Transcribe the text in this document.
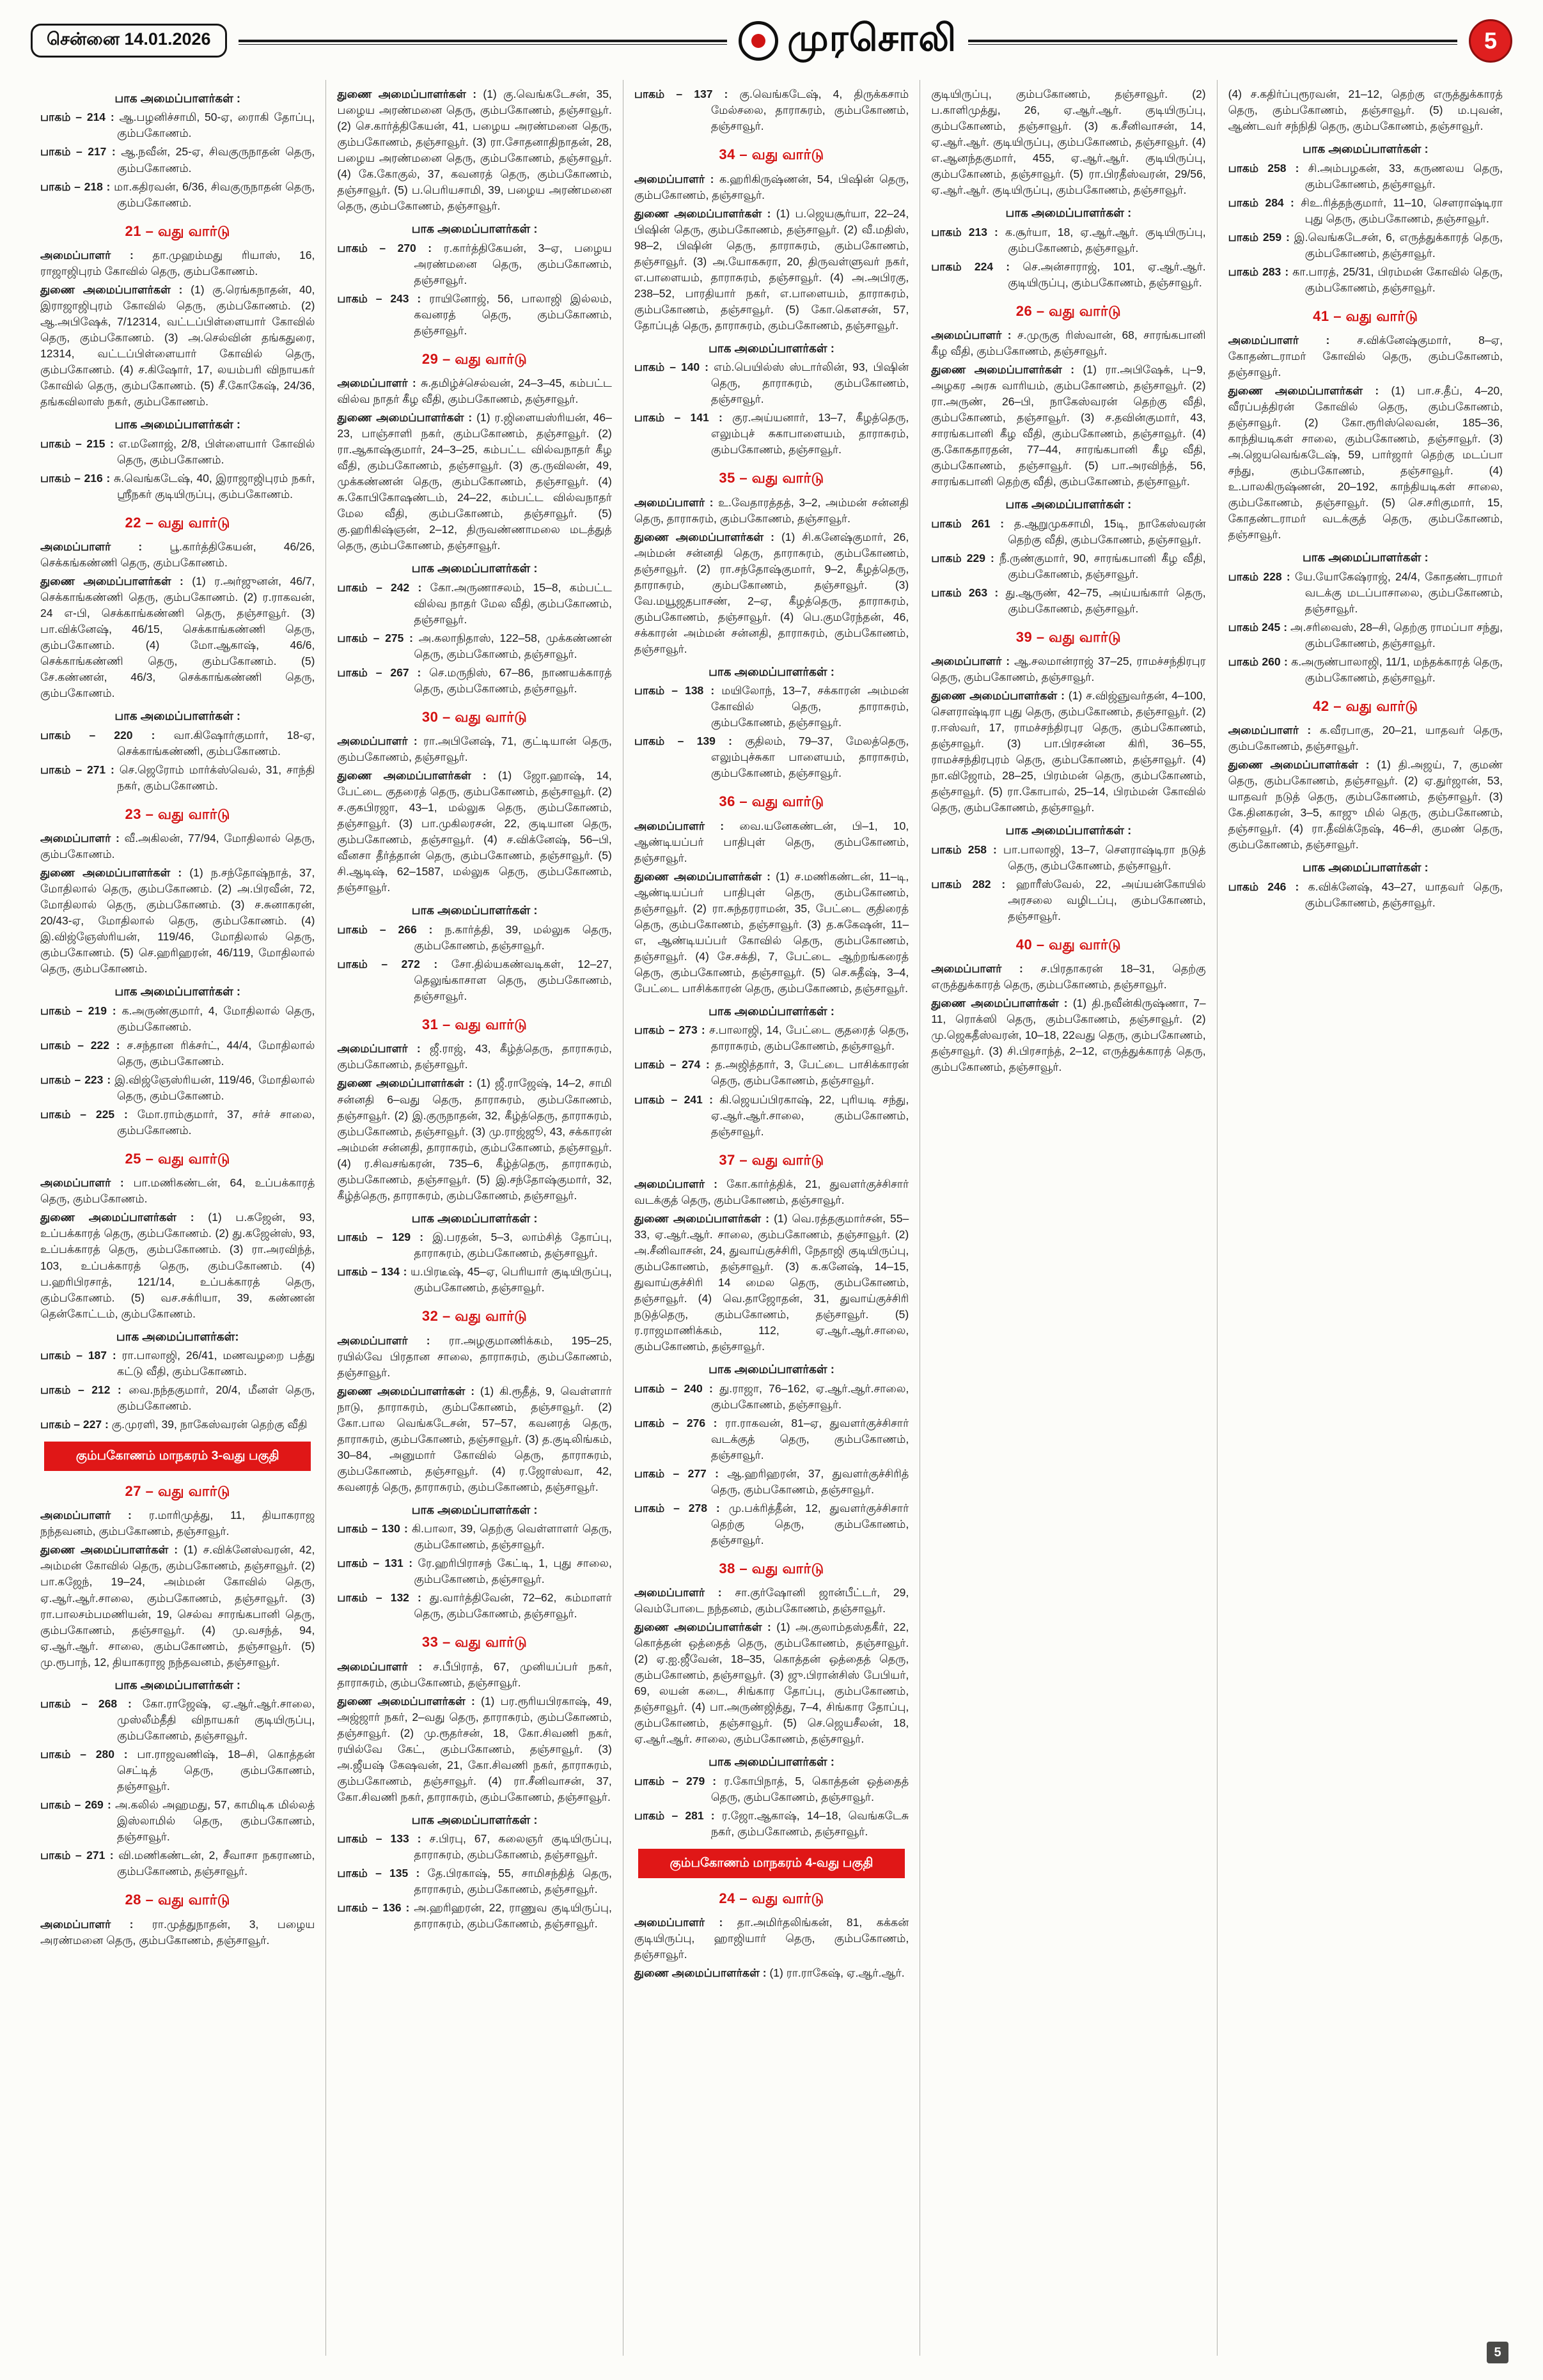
சென்னை 14.01.2026	முரசொலி	5
பாக அமைப்பாளர்கள் :
பாகம் – 214 : ஆ.பழனிச்சாமி, 50-ஏ, ரைாகி தோப்பு, கும்பகோணம்.
பாகம் – 217 : ஆ.நவீன், 25-ஏ, சிவகுருநாதன் தெரு, கும்பகோணம்.
பாகம் – 218 : மா.கதிரவன், 6/36, சிவகுருநாதன் தெரு, கும்பகோணம்.
21 – வது வார்டு
அமைப்பாளர் : தா.முஹம்மது ரியாஸ், 16, ராஜாஜிபுரம் கோவில் தெரு, கும்பகோணம்.
துணை அமைப்பாளர்கள் : (1) கு.ரெங்கநாதன், 40, இராஜாஜிபுரம் கோவில் தெரு, கும்பகோணம். (2) ஆ.அபிஷேக், 7/12314, வட்டப்பிள்ளையார் கோவில் தெரு, கும்பகோணம். (3) அ.செல்வின் தங்கதுரை, 12314, வட்டப்பிள்ளையார் கோவில் தெரு, கும்பகோணம். (4) ச.கிஷோர், 17, லயம்பரி விநாயகர் கோவில் தெரு, கும்பகோணம். (5) சீ.கோகேஷ், 24/36, தங்கவிலாஸ் நகர், கும்பகோணம்.
பாக அமைப்பாளர்கள் :
பாகம் – 215 : எ.மனோஜ், 2/8, பிள்ளையார் கோவில் தெரு, கும்பகோணம்.
பாகம் – 216 : சு.வெங்கடேஷ், 40, இராஜாஜிபுரம் நகர், ஸ்ரீநகர் குடியிருப்பு, கும்பகோணம்.
22 – வது வார்டு
அமைப்பாளர் : பூ.கார்த்திகேயன், 46/26, செக்கங்கண்ணி தெரு, கும்பகோணம்.
துணை அமைப்பாளர்கள் : (1) ர.அர்ஜுனன், 46/7, செக்காங்கண்ணி தெரு, கும்பகோணம். (2) ர.ராகவன், 24 எ-பி, செக்காங்கண்ணி தெரு, தஞ்சாவூர். (3) பா.விக்னேஷ், 46/15, செக்காங்கண்ணி தெரு, கும்பகோணம். (4) மோ.ஆகாஷ், 46/6, செக்காங்கண்ணி தெரு, கும்பகோணம். (5) சே.கண்ணன், 46/3, செக்காங்கண்ணி தெரு, கும்பகோணம்.
பாக அமைப்பாளர்கள் :
பாகம் – 220 : வா.கிஷோர்குமார், 18-ஏ, செக்காங்கண்ணி, கும்பகோணம்.
பாகம் – 271 : செ.ஜெரோம் மார்க்ஸ்வெல், 31, சாந்தி நகர், கும்பகோணம்.
23 – வது வார்டு
அமைப்பாளர் : வீ.அகிலன், 77/94, மோதிலால் தெரு, கும்பகோணம்.
துணை அமைப்பாளர்கள் : (1) ந.சந்தோஷ்நாத், 37, மோதிலால் தெரு, கும்பகோணம். (2) அ.பிரவீன், 72, மோதிலால் தெரு, கும்பகோணம். (3) ச.சுனாகரன், 20/43-ஏ, மோதிலால் தெரு, கும்பகோணம். (4) இ.விஜ்ஞேஸ்ரியன், 119/46, மோதிலால் தெரு, கும்பகோணம். (5) செ.ஹரிஹரன், 46/119, மோதிலால் தெரு, கும்பகோணம்.
பாக அமைப்பாளர்கள் :
பாகம் – 219 : க.அருண்குமார், 4, மோதிலால் தெரு, கும்பகோணம்.
பாகம் – 222 : ச.சந்தான ரிக்சர்ட், 44/4, மோதிலால் தெரு, கும்பகோணம்.
பாகம் – 223 : இ.விஜ்ஞேஸ்ரியன், 119/46, மோதிலால் தெரு, கும்பகோணம்.
பாகம் – 225 : மோ.ராம்குமார், 37, சர்ச் சாலை, கும்பகோணம்.
25 – வது வார்டு
அமைப்பாளர் : பா.மணிகண்டன், 64, உப்பக்காரத் தெரு, கும்பகோணம்.
துணை அமைப்பாளர்கள் : (1) ப.கஜேன், 93, உப்பக்காரத் தெரு, கும்பகோணம். (2) து.கஜேன்ஸ், 93, உப்பக்காரத் தெரு, கும்பகோணம். (3) ரா.அரவிந்த், 103, உப்பக்காரத் தெரு, கும்பகோணம். (4) ப.ஹரிபிரசாத், 121/14, உப்பக்காரத் தெரு, கும்பகோணம். (5) வச.சக்ரியா, 39, கண்ணன் தென்கோட்டம், கும்பகோணம்.
பாக அமைப்பாளர்கள்:
பாகம் – 187 : ரா.பாலாஜி, 26/41, மணவழறை பத்து கட்டு வீதி, கும்பகோணம்.
பாகம் – 212 : வை.நந்தகுமார், 20/4, மீனள் தெரு, கும்பகோணம்.
பாகம் – 227 : கு.முரளி, 39, நாகேஸ்வரன் தெற்கு வீதி
கும்பகோணம் மாநகரம் 3-வது பகுதி
27 – வது வார்டு
அமைப்பாளர் : ர.மாரிமுத்து, 11, தியாகராஜ நந்தவனம், கும்பகோணம், தஞ்சாவூர்.
துணை அமைப்பாளர்கள் : (1) ச.விக்னேஸ்வரன், 42, அம்மன் கோவில் தெரு, கும்பகோணம், தஞ்சாவூர். (2) பா.கஜேந், 19–24, அம்மன் கோவில் தெரு, ஏ.ஆர்.ஆர்.சாலை, கும்பகோணம், தஞ்சாவூர். (3) ரா.பாலசம்பமணியன், 19, செல்வ சாரங்கபானி தெரு, கும்பகோணம், தஞ்சாவூர். (4) மு.வசந்த், 94, ஏ.ஆர்.ஆர். சாலை, கும்பகோணம், தஞ்சாவூர். (5) மு.ரூபாந், 12, தியாகராஜ நந்தவனம், தஞ்சாவூர்.
பாக அமைப்பாளர்கள் :
பாகம் – 268 : கோ.ராஜேஷ், ஏ.ஆர்.ஆர்.சாலை, முஸ்லீம்தீதி விநாயகர் குடியிருப்பு, கும்பகோணம், தஞ்சாவூர்.
பாகம் – 280 : பா.ராஜவணிஷ், 18–சி, கொத்தன் செட்டித் தெரு, கும்பகோணம், தஞ்சாவூர்.
பாகம் – 269 : அ.கலில் அஹமது, 57, காமிடிக மில்லத் இஸ்லாமில் தெரு, கும்பகோணம், தஞ்சாவூர்.
பாகம் – 271 : வி.மணிகண்டன், 2, சீவாசா நகராணம், கும்பகோணம், தஞ்சாவூர்.
28 – வது வார்டு
அமைப்பாளர் : ரா.முத்துநாதன், 3, பழைய அரண்மனை தெரு, கும்பகோணம், தஞ்சாவூர்.
துணை அமைப்பாளர்கள் : (1) கு.வெங்கடேசன், 35, பழைய அரண்மனை தெரு, கும்பகோணம், தஞ்சாவூர். (2) செ.கார்த்திகேயன், 41, பழைய அரண்மனை தெரு, கும்பகோணம், தஞ்சாவூர். (3) ரா.சோதனாதிநாதன், 28, பழைய அரண்மனை தெரு, கும்பகோணம், தஞ்சாவூர். (4) கே.கோகுல், 37, கவனரத் தெரு, கும்பகோணம், தஞ்சாவூர். (5) ப.பெரியசாமி, 39, பழைய அரண்மனை தெரு, கும்பகோணம், தஞ்சாவூர்.
பாக அமைப்பாளர்கள் :
பாகம் – 270 : ர.கார்த்திகேயன், 3–ஏ, பழைய அரண்மனை தெரு, கும்பகோணம், தஞ்சாவூர்.
பாகம் – 243 : ராயினோஜ், 56, பாலாஜி இல்லம், கவனரத் தெரு, கும்பகோணம், தஞ்சாவூர்.
29 – வது வார்டு
அமைப்பாளர் : சு.தமிழ்ச்செல்வன், 24–3–45, கம்பட்ட வில்வ நாதர் கீழ வீதி, கும்பகோணம், தஞ்சாவூர்.
துணை அமைப்பாளர்கள் : (1) ர.ஜிளையஸ்ரியன், 46–23, பாஞ்சாளி நகர், கும்பகோணம், தஞ்சாவூர். (2) ரா.ஆகாஷ்குமார், 24–3–25, கம்பட்ட வில்வநாதர் கீழ வீதி, கும்பகோணம், தஞ்சாவூர். (3) கு.ருவிலன், 49, முக்கண்ணன் தெரு, கும்பகோணம், தஞ்சாவூர். (4) சு.கோபிகோஷண்டம், 24–22, கம்பட்ட வில்வநாதர் மேல வீதி, கும்பகோணம், தஞ்சாவூர். (5) கு.ஹரிகிஷ்ஞன், 2–12, திருவண்ணாமலை மடத்துத் தெரு, கும்பகோணம், தஞ்சாவூர்.
பாக அமைப்பாளர்கள் :
பாகம் – 242 : கோ.அருணாசலம், 15–8, கம்பட்ட வில்வ நாதர் மேல வீதி, கும்பகோணம், தஞ்சாவூர்.
பாகம் – 275 : அ.கலாநிதாஸ், 122–58, முக்கண்ணன் தெரு, கும்பகோணம், தஞ்சாவூர்.
பாகம் – 267 : செ.மருநிஸ், 67–86, நாணயக்காரத் தெரு, கும்பகோணம், தஞ்சாவூர்.
30 – வது வார்டு
அமைப்பாளர் : ரா.அபினேஷ், 71, குட்டியான் தெரு, கும்பகோணம், தஞ்சாவூர்.
துணை அமைப்பாளர்கள் : (1) ஜோ.ஹாஷ், 14, பேட்டை குதரைத் தெரு, கும்பகோணம், தஞ்சாவூர். (2) ச.குகபிரஜா, 43–1, மல்லுக தெரு, கும்பகோணம், தஞ்சாவூர். (3) பா.முகிலரசன், 22, குடியான தெரு, கும்பகோணம், தஞ்சாவூர். (4) ச.விக்னேஷ், 56–பி, வீனசா தீர்த்தான் தெரு, கும்பகோணம், தஞ்சாவூர். (5) சி.ஆடிஷ், 62–1587, மல்லுக தெரு, கும்பகோணம், தஞ்சாவூர்.
பாக அமைப்பாளர்கள் :
பாகம் – 266 : ந.கார்த்தி, 39, மல்லுக தெரு, கும்பகோணம், தஞ்சாவூர்.
பாகம் – 272 : சோ.தில்யகண்வடிகள், 12–27, தெலுங்காசாள தெரு, கும்பகோணம், தஞ்சாவூர்.
31 – வது வார்டு
அமைப்பாளர் : ஜீ.ராஜ், 43, கீழ்த்தெரு, தாராசுரம், கும்பகோணம், தஞ்சாவூர்.
துணை அமைப்பாளர்கள் : (1) ஜீ.ராஜேஷ், 14–2, சாமி சன்னதி 6–வது தெரு, தாராசுரம், கும்பகோணம், தஞ்சாவூர். (2) இ.குருநாதன், 32, கீழ்த்தெரு, தாராசுரம், கும்பகோணம், தஞ்சாவூர். (3) மு.ராஜ்ஜூ, 43, சக்காரன் அம்மன் சன்னதி, தாராசுரம், கும்பகோணம், தஞ்சாவூர். (4) ர.சிவசங்கரன், 735–6, கீழ்த்தெரு, தாராசுரம், கும்பகோணம், தஞ்சாவூர். (5) இ.சந்தோஷ்குமார், 32, கீழ்த்தெரு, தாராசுரம், கும்பகோணம், தஞ்சாவூர்.
பாக அமைப்பாளர்கள் :
பாகம் – 129 : இ.பரதன், 5–3, லாம்சித் தோப்பு, தாராசுரம், கும்பகோணம், தஞ்சாவூர்.
பாகம் – 134 : ய.பிரடீஷ், 45–ஏ, பெரியார் குடியிருப்பு, கும்பகோணம், தஞ்சாவூர்.
32 – வது வார்டு
அமைப்பாளர் : ரா.அழகுமாணிக்கம், 195–25, ரயில்வே பிரதான சாலை, தாராசுரம், கும்பகோணம், தஞ்சாவூர்.
துணை அமைப்பாளர்கள் : (1) கி.ரூதீத், 9, வெள்ளார் நாடு, தாராசுரம், கும்பகோணம், தஞ்சாவூர். (2) கோ.பால வெங்கடேசன், 57–57, கவனரத் தெரு, தாராசுரம், கும்பகோணம், தஞ்சாவூர். (3) த.குடிலிங்கம், 30–84, அனுமார் கோவில் தெரு, தாராசுரம், கும்பகோணம், தஞ்சாவூர். (4) ர.ஜோஸ்வா, 42, கவனரத் தெரு, தாராசுரம், கும்பகோணம், தஞ்சாவூர்.
பாக அமைப்பாளர்கள் :
பாகம் – 130 : கி.பாலா, 39, தெற்கு வெள்ளாளர் தெரு, கும்பகோணம், தஞ்சாவூர்.
பாகம் – 131 : ரே.ஹரிபிராசந் கேட்டி, 1, புது சாலை, கும்பகோணம், தஞ்சாவூர்.
பாகம் – 132 : து.வார்த்திவேன், 72–62, கம்மாளர் தெரு, கும்பகோணம், தஞ்சாவூர்.
33 – வது வார்டு
அமைப்பாளர் : ச.பீபிராத், 67, முனியப்பர் நகர், தாராசுரம், கும்பகோணம், தஞ்சாவூர்.
துணை அமைப்பாளர்கள் : (1) பர.ரூரியபிரகாஷ், 49, அஜ்ஜார் நகர், 2–வது தெரு, தாராசுரம், கும்பகோணம், தஞ்சாவூர். (2) மு.ரூதர்சன், 18, கோ.சிவணி நகர், ரயில்வே கேட், கும்பகோணம், தஞ்சாவூர். (3) அ.ஜீயஷ் கேஷவன், 21, கோ.சிவணி நகர், தாராசுரம், கும்பகோணம், தஞ்சாவூர். (4) ரா.சீனிவாசன், 37, கோ.சிவணி நகர், தாராசுரம், கும்பகோணம், தஞ்சாவூர்.
பாக அமைப்பாளர்கள் :
பாகம் – 133 : ச.பிரபு, 67, கலைஞர் குடியிருப்பு, தாராசுரம், கும்பகோணம், தஞ்சாவூர்.
பாகம் – 135 : தே.பிரகாஷ், 55, சாமிசந்தித் தெரு, தாராசுரம், கும்பகோணம், தஞ்சாவூர்.
பாகம் – 136 : அ.ஹரிஹரன், 22, ராணுவ குடியிருப்பு, தாராசுரம், கும்பகோணம், தஞ்சாவூர்.
பாகம் – 137 : கு.வெங்கடேஷ், 4, திருக்கசாம் மேல்சலை, தாராசுரம், கும்பகோணம், தஞ்சாவூர்.
34 – வது வார்டு
அமைப்பாளர் : க.ஹரிகிருஷ்ணன், 54, பிஷின் தெரு, கும்பகோணம், தஞ்சாவூர்.
துணை அமைப்பாளர்கள் : (1) ப.ஜெயசூர்யா, 22–24, பிஷின் தெரு, கும்பகோணம், தஞ்சாவூர். (2) வீ.மதிஸ், 98–2, பிஷின் தெரு, தாராசுரம், கும்பகோணம், தஞ்சாவூர். (3) அ.யோகசுரா, 20, திருவள்ளுவர் நகர், எ.பாளையம், தாராசுரம், தஞ்சாவூர். (4) அ.அபிரகு, 238–52, பாரதியார் நகர், எ.பாளையம், தாராசுரம், கும்பகோணம், தஞ்சாவூர். (5) கோ.கௌசன், 57, தோப்புத் தெரு, தாராசுரம், கும்பகோணம், தஞ்சாவூர்.
பாக அமைப்பாளர்கள் :
பாகம் – 140 : எம்.பெயில்ஸ் ஸ்டார்லின், 93, பிஷின் தெரு, தாராசுரம், கும்பகோணம், தஞ்சாவூர்.
பாகம் – 141 : குர.அய்யனார், 13–7, கீழத்தெரு, எலும்புச் சுகாபாளையம், தாராசுரம், கும்பகோணம், தஞ்சாவூர்.
35 – வது வார்டு
அமைப்பாளர் : உ.வேதாரத்தத், 3–2, அம்மன் சன்னதி தெரு, தாராசுரம், கும்பகோணம், தஞ்சாவூர்.
துணை அமைப்பாளர்கள் : (1) சி.கனேஷ்குமார், 26, அம்மன் சன்னதி தெரு, தாராசுரம், கும்பகோணம், தஞ்சாவூர். (2) ரா.சந்தோஷ்குமார், 9–2, கீழத்தெரு, தாராசுரம், கும்பகோணம், தஞ்சாவூர். (3) வே.மயூஜதபாசண், 2–ஏ, கீழத்தெரு, தாராசுரம், கும்பகோணம், தஞ்சாவூர். (4) பெ.குமரேந்தன், 46, சக்காரன் அம்மன் சன்னதி, தாராசுரம், கும்பகோணம், தஞ்சாவூர்.
பாக அமைப்பாளர்கள் :
பாகம் – 138 : மயிலோந், 13–7, சக்காரன் அம்மன் கோவில் தெரு, தாராசுரம், கும்பகோணம், தஞ்சாவூர்.
பாகம் – 139 : குதிலம், 79–37, மேலத்தெரு, எலும்புச்சுகா பாளையம், தாராசுரம், கும்பகோணம், தஞ்சாவூர்.
36 – வது வார்டு
அமைப்பாளர் : வை.யனேகண்டன், பி–1, 10, ஆண்டியப்பர் பாதிபுள் தெரு, கும்பகோணம், தஞ்சாவூர்.
துணை அமைப்பாளர்கள் : (1) ச.மணிகண்டன், 11–டி, ஆண்டியப்பர் பாதிபுள் தெரு, கும்பகோணம், தஞ்சாவூர். (2) ரா.சுந்தரராமன், 35, பேட்டை குதிரைத் தெரு, கும்பகோணம், தஞ்சாவூர். (3) த.சுகேஷன், 11–எ, ஆண்டியப்பர் கோவில் தெரு, கும்பகோணம், தஞ்சாவூர். (4) சே.சக்தி, 7, பேட்டை ஆற்றங்கரைத் தெரு, கும்பகோணம், தஞ்சாவூர். (5) செ.சுதீஷ், 3–4, பேட்டை பாசிக்காரன் தெரு, கும்பகோணம், தஞ்சாவூர்.
பாக அமைப்பாளர்கள் :
பாகம் – 273 : ச.பாலாஜி, 14, பேட்டை குதரைத் தெரு, தாராசுரம், கும்பகோணம், தஞ்சாவூர்.
பாகம் – 274 : த.அஜித்தார், 3, பேட்டை பாசிக்காரன் தெரு, கும்பகோணம், தஞ்சாவூர்.
பாகம் – 241 : கி.ஜெயப்பிரகாஷ், 22, புரியடி சந்து, ஏ.ஆர்.ஆர்.சாலை, கும்பகோணம், தஞ்சாவூர்.
37 – வது வார்டு
அமைப்பாளர் : கோ.கார்த்திக், 21, துவளர்குச்சிசார் வடக்குத் தெரு, கும்பகோணம், தஞ்சாவூர்.
துணை அமைப்பாளர்கள் : (1) வெ.ரத்தகுமார்சன், 55–33, ஏ.ஆர்.ஆர். சாலை, கும்பகோணம், தஞ்சாவூர். (2) அ.சீனிவாசன், 24, துவாய்குச்சிரி, நேதாஜி குடியிருப்பு, கும்பகோணம், தஞ்சாவூர். (3) க.கனேஷ், 14–15, துவாய்குச்சிரி 14 மைல தெரு, கும்பகோணம், தஞ்சாவூர். (4) வெ.தாஜோதன், 31, துவாய்குச்சிரி நடுத்தெரு, கும்பகோணம், தஞ்சாவூர். (5) ர.ராஜமாணிக்கம், 112, ஏ.ஆர்.ஆர்.சாலை, கும்பகோணம், தஞ்சாவூர்.
பாக அமைப்பாளர்கள் :
பாகம் – 240 : து.ராஜா, 76–162, ஏ.ஆர்.ஆர்.சாலை, கும்பகோணம், தஞ்சாவூர்.
பாகம் – 276 : ரா.ராகவன், 81–ஏ, துவளர்குச்சிசார் வடக்குத் தெரு, கும்பகோணம், தஞ்சாவூர்.
பாகம் – 277 : ஆ.ஹரிஹரன், 37, துவளர்குச்சிரித் தெரு, கும்பகோணம், தஞ்சாவூர்.
பாகம் – 278 : மு.பக்ரித்தீன், 12, துவளர்குச்சிசார் தெற்கு தெரு, கும்பகோணம், தஞ்சாவூர்.
38 – வது வார்டு
அமைப்பாளர் : சா.குர்ஷோனி ஜான்பீட்டர், 29, வெம்போடை நந்தனம், கும்பகோணம், தஞ்சாவூர்.
துணை அமைப்பாளர்கள் : (1) அ.குலாம்தஸ்தகீர், 22, கொத்தன் ஒத்தைத் தெரு, கும்பகோணம், தஞ்சாவூர். (2) ஏ.ஐ.ஜீவேன், 18–35, கொத்தன் ஒத்தைத் தெரு, கும்பகோணம், தஞ்சாவூர். (3) ஜு.பிரான்சிஸ் பேபியர், 69, லயன் கடை, சிங்கார தோப்பு, கும்பகோணம், தஞ்சாவூர். (4) பா.அருண்ஜித்து, 7–4, சிங்கார தோப்பு, கும்பகோணம், தஞ்சாவூர். (5) செ.ஜெயசீலன், 18, ஏ.ஆர்.ஆர். சாலை, கும்பகோணம், தஞ்சாவூர்.
பாக அமைப்பாளர்கள் :
பாகம் – 279 : ர.கோபிநாத், 5, கொத்தன் ஒத்தைத் தெரு, கும்பகோணம், தஞ்சாவூர்.
பாகம் – 281 : ர.ஜோ.ஆகாஷ், 14–18, வெங்கடேசு நகர், கும்பகோணம், தஞ்சாவூர்.
கும்பகோணம் மாநகரம் 4-வது பகுதி
24 – வது வார்டு
அமைப்பாளர் : தா.அமிர்தலிங்கன், 81, கக்கன் குடியிருப்பு, ஹாஜியார் தெரு, கும்பகோணம், தஞ்சாவூர்.
துணை அமைப்பாளர்கள் : (1) ரா.ராகேஷ், ஏ.ஆர்.ஆர்.
குடியிருப்பு, கும்பகோணம், தஞ்சாவூர். (2) ப.காளிமுத்து, 26, ஏ.ஆர்.ஆர். குடியிருப்பு, கும்பகோணம், தஞ்சாவூர். (3) க.சீனிவாசன், 14, ஏ.ஆர்.ஆர். குடியிருப்பு, கும்பகோணம், தஞ்சாவூர். (4) எ.ஆனந்தகுமார், 455, ஏ.ஆர்.ஆர். குடியிருப்பு, கும்பகோணம், தஞ்சாவூர். (5) ரா.பிரதீஸ்வரன், 29/56, ஏ.ஆர்.ஆர். குடியிருப்பு, கும்பகோணம், தஞ்சாவூர்.
பாக அமைப்பாளர்கள் :
பாகம் 213 : க.சூர்யா, 18, ஏ.ஆர்.ஆர். குடியிருப்பு, கும்பகோணம், தஞ்சாவூர்.
பாகம் 224 : செ.அன்சாராஜ், 101, ஏ.ஆர்.ஆர். குடியிருப்பு, கும்பகோணம், தஞ்சாவூர்.
26 – வது வார்டு
அமைப்பாளர் : ச.முருகு ரிஸ்வான், 68, சாரங்கபானி கீழ வீதி, கும்பகோணம், தஞ்சாவூர்.
துணை அமைப்பாளர்கள் : (1) ரா.அபிஷேக், பு–9, அழகர அரசு வாரியம், கும்பகோணம், தஞ்சாவூர். (2) ரா.அருண், 26–பி, நாகேஸ்வரன் தெற்கு வீதி, கும்பகோணம், தஞ்சாவூர். (3) ச.தவின்குமார், 43, சாரங்கபானி கீழ வீதி, கும்பகோணம், தஞ்சாவூர். (4) கு.கோகதாரதன், 77–44, சாரங்கபானி கீழ வீதி, கும்பகோணம், தஞ்சாவூர். (5) பா.அரவிந்த், 56, சாரங்கபானி தெற்கு வீதி, கும்பகோணம், தஞ்சாவூர்.
பாக அமைப்பாளர்கள் :
பாகம் 261 : த.ஆறுமுகசாமி, 15டி, நாகேஸ்வரன் தெற்கு வீதி, கும்பகோணம், தஞ்சாவூர்.
பாகம் 229 : நீ.ருண்குமார், 90, சாரங்கபானி கீழ வீதி, கும்பகோணம், தஞ்சாவூர்.
பாகம் 263 : து.ஆருண், 42–75, அய்யங்கார் தெரு, கும்பகோணம், தஞ்சாவூர்.
39 – வது வார்டு
அமைப்பாளர் : ஆ.சலமான்ராஜ் 37–25, ராமச்சந்திரபுர தெரு, கும்பகோணம், தஞ்சாவூர்.
துணை அமைப்பாளர்கள் : (1) ச.விஜ்ஞுவர்தன், 4–100, சௌராஷ்டிரா புது தெரு, கும்பகோணம், தஞ்சாவூர். (2) ர.ஈஸ்வர், 17, ராமச்சந்திரபுர தெரு, கும்பகோணம், தஞ்சாவூர். (3) பா.பிரசன்ன கிரி, 36–55, ராமச்சந்திரபுரம் தெரு, கும்பகோணம், தஞ்சாவூர். (4) நா.விஜோம், 28–25, பிரம்மன் தெரு, கும்பகோணம், தஞ்சாவூர். (5) ரா.கோபால், 25–14, பிரம்மன் கோவில் தெரு, கும்பகோணம், தஞ்சாவூர்.
பாக அமைப்பாளர்கள் :
பாகம் 258 : பா.பாலாஜி, 13–7, சௌராஷ்டிரா நடுத் தெரு, கும்பகோணம், தஞ்சாவூர்.
பாகம் 282 : ஹாரீஸ்வேல், 22, அய்யன்கோயில் அரசலை வழிடப்பு, கும்பகோணம், தஞ்சாவூர்.
40 – வது வார்டு
அமைப்பாளர் : ச.பிரதாகரன் 18–31, தெற்கு எருத்துக்காரத் தெரு, கும்பகோணம், தஞ்சாவூர்.
துணை அமைப்பாளர்கள் : (1) தி.நவீன்கிருஷ்ணா, 7–11, ரொக்ஸி தெரு, கும்பகோணம், தஞ்சாவூர். (2) மு.ஜெகதீஸ்வரன், 10–18, 22வது தெரு, கும்பகோணம், தஞ்சாவூர். (3) சி.பிரசாந்த், 2–12, எருத்துக்காரத் தெரு, கும்பகோணம், தஞ்சாவூர்.
(4) ச.கதிர்ப்புரூரவன், 21–12, தெற்கு எருத்துக்காரத் தெரு, கும்பகோணம், தஞ்சாவூர். (5) ம.புவன், ஆண்டவர் சந்நிதி தெரு, கும்பகோணம், தஞ்சாவூர்.
பாக அமைப்பாளர்கள் :
பாகம் 258 : சி.அம்பழகன், 33, கருணலய தெரு, கும்பகோணம், தஞ்சாவூர்.
பாகம் 284 : சிஉ.ரித்தந்குமார், 11–10, சௌராஷ்டிரா புது தெரு, கும்பகோணம், தஞ்சாவூர்.
பாகம் 259 : இ.வெங்கடேசன், 6, எருத்துக்காரத் தெரு, கும்பகோணம், தஞ்சாவூர்.
பாகம் 283 : கா.பாரத், 25/31, பிரம்மன் கோவில் தெரு, கும்பகோணம், தஞ்சாவூர்.
41 – வது வார்டு
அமைப்பாளர் : ச.விக்னேஷ்குமார், 8–ஏ, கோதண்டராமர் கோவில் தெரு, கும்பகோணம், தஞ்சாவூர்.
துணை அமைப்பாளர்கள் : (1) பா.ச.தீப், 4–20, வீரப்பத்திரன் கோவில் தெரு, கும்பகோணம், தஞ்சாவூர். (2) கோ.ரூரிஸ்லெவன், 185–36, காந்தியடிகள் சாலை, கும்பகோணம், தஞ்சாவூர். (3) அ.ஜெயவெங்கடேஷ், 59, பார்ஜார் தெற்கு மடப்பா சந்து, கும்பகோணம், தஞ்சாவூர். (4) உ.பாலகிருஷ்ணன், 20–192, காந்தியடிகள் சாலை, கும்பகோணம், தஞ்சாவூர். (5) செ.சரிகுமார், 15, கோதண்டராமர் வடக்குத் தெரு, கும்பகோணம், தஞ்சாவூர்.
பாக அமைப்பாளர்கள் :
பாகம் 228 : யே.யோகேஷ்ராஜ், 24/4, கோதண்டராமர் வடக்கு மடப்பாசாலை, கும்பகோணம், தஞ்சாவூர்.
பாகம் 245 : அ.சரிவைஸ், 28–சி, தெற்கு ராமப்பா சந்து, கும்பகோணம், தஞ்சாவூர்.
பாகம் 260 : க.அருண்பாலாஜி, 11/1, மந்தக்காரத் தெரு, கும்பகோணம், தஞ்சாவூர்.
42 – வது வார்டு
அமைப்பாளர் : க.வீரபாகு, 20–21, யாதவர் தெரு, கும்பகோணம், தஞ்சாவூர்.
துணை அமைப்பாளர்கள் : (1) தி.அஜய், 7, குமண் தெரு, கும்பகோணம், தஞ்சாவூர். (2) ஏ.துர்ஜான், 53, யாதவர் நடுத் தெரு, கும்பகோணம், தஞ்சாவூர். (3) கே.தினகரன், 3–5, காஜு மில் தெரு, கும்பகோணம், தஞ்சாவூர். (4) ரா.தீவிக்நேஷ், 46–சி, குமண் தெரு, கும்பகோணம், தஞ்சாவூர்.
பாக அமைப்பாளர்கள் :
பாகம் 246 : க.விக்னேஷ், 43–27, யாதவர் தெரு, கும்பகோணம், தஞ்சாவூர்.
5
